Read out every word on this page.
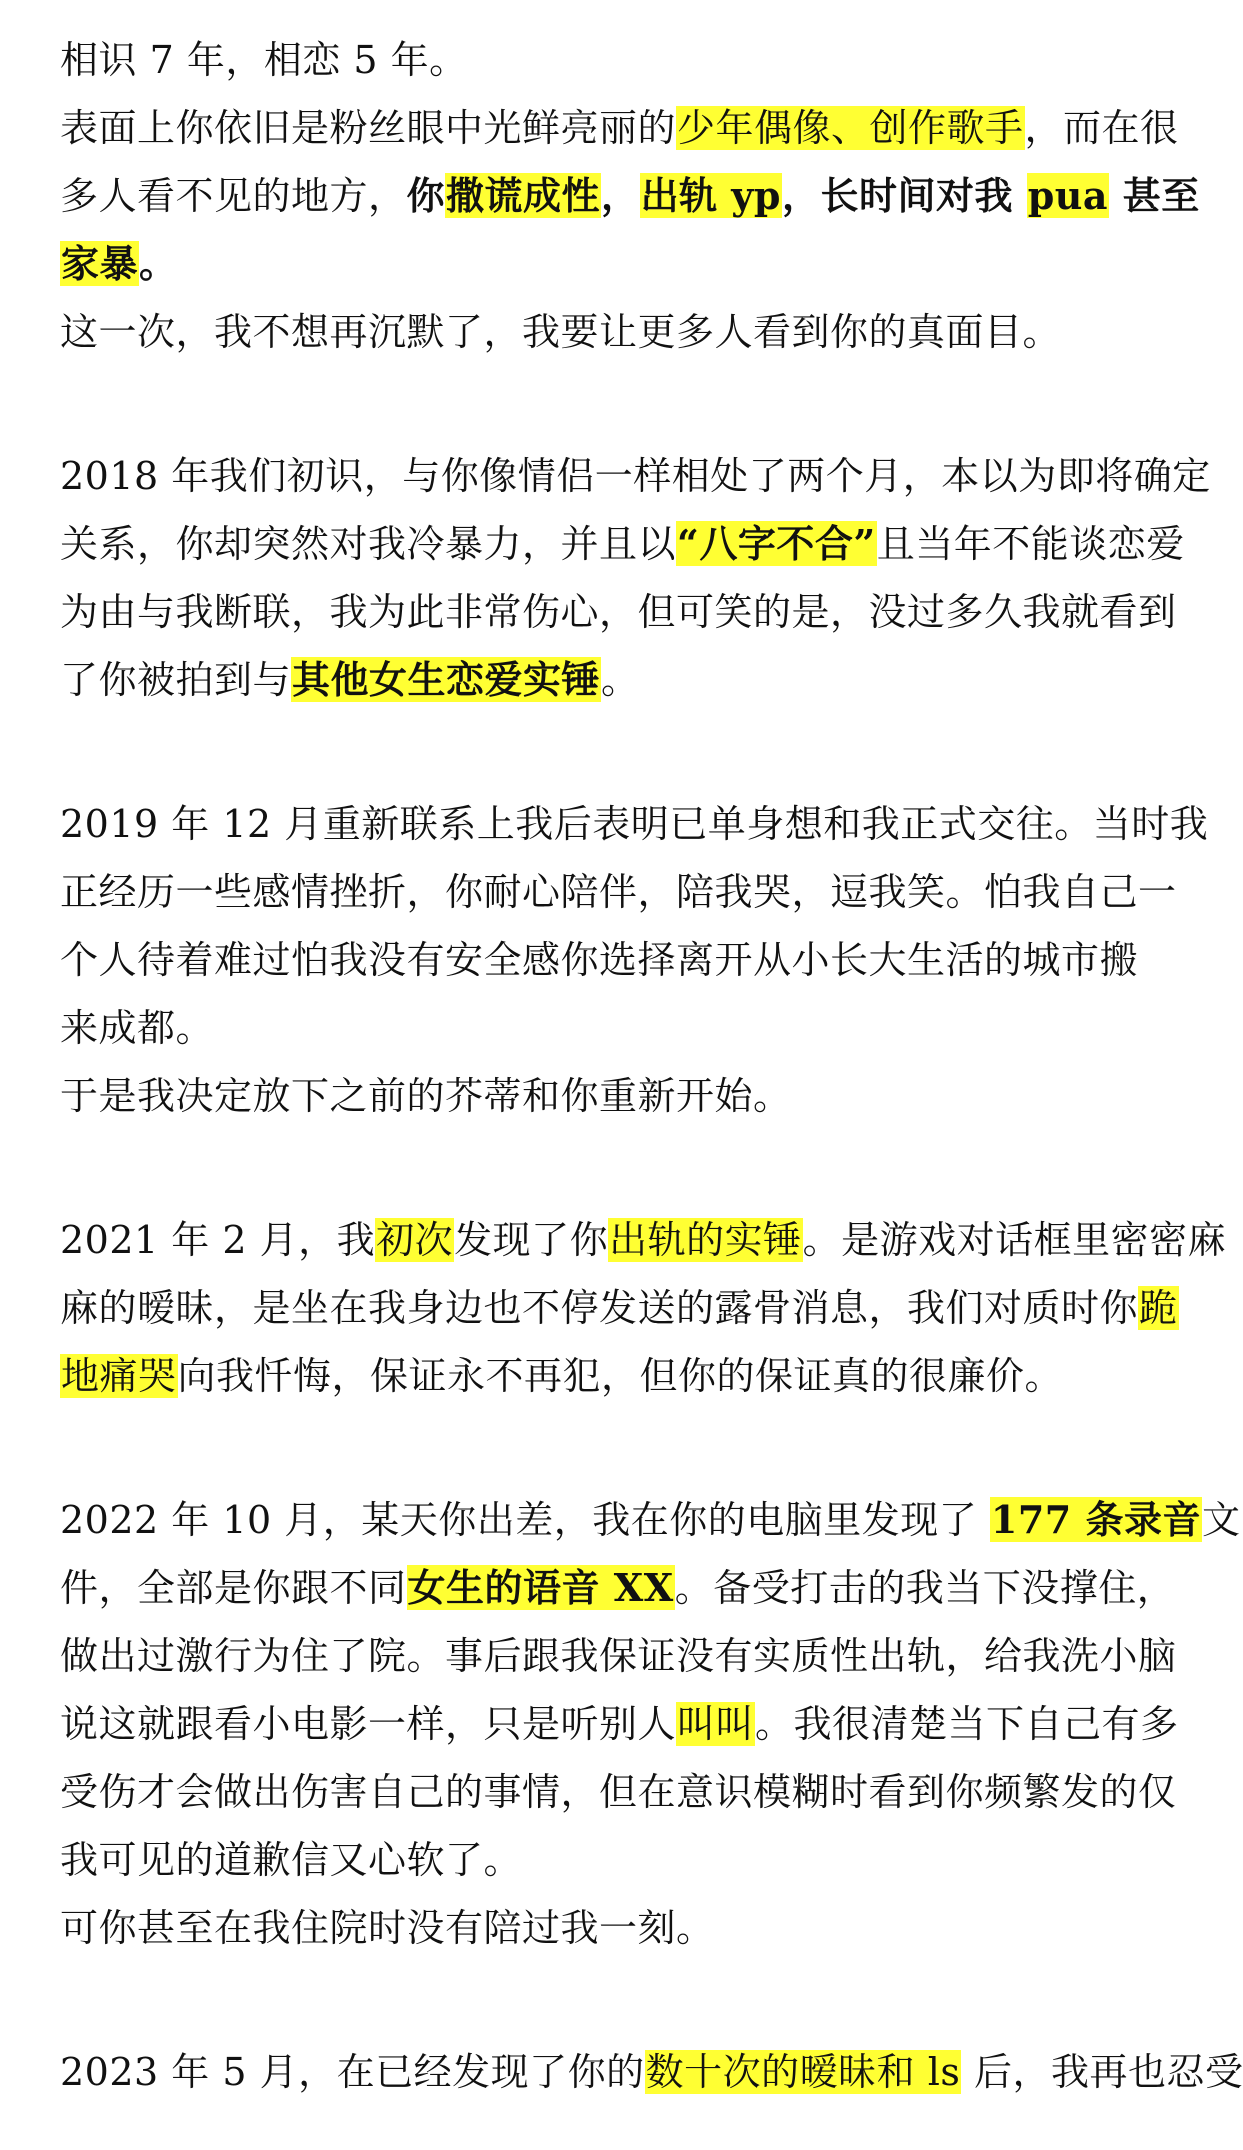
相识 7 年，相恋 5 年。
表面上你依旧是粉丝眼中光鲜亮丽的少年偶像、创作歌手，而在很
多人看不见的地方，你撒谎成性，出轨 yp，长时间对我 pua 甚至
家暴。
这一次，我不想再沉默了，我要让更多人看到你的真面目。
2018 年我们初识，与你像情侣一样相处了两个月，本以为即将确定
关系，你却突然对我冷暴力，并且以“八字不合”且当年不能谈恋爱
为由与我断联，我为此非常伤心，但可笑的是，没过多久我就看到
了你被拍到与其他女生恋爱实锤。
2019 年 12 月重新联系上我后表明已单身想和我正式交往。当时我
正经历一些感情挫折，你耐心陪伴，陪我哭，逗我笑。怕我自己一
个人待着难过怕我没有安全感你选择离开从小长大生活的城市搬
来成都。
于是我决定放下之前的芥蒂和你重新开始。
2021 年 2 月，我初次发现了你出轨的实锤。是游戏对话框里密密麻
麻的暧昧，是坐在我身边也不停发送的露骨消息，我们对质时你跪
地痛哭向我忏悔，保证永不再犯，但你的保证真的很廉价。
2022 年 10 月，某天你出差，我在你的电脑里发现了 177 条录音文
件，全部是你跟不同女生的语音 XX。备受打击的我当下没撑住，
做出过激行为住了院。事后跟我保证没有实质性出轨，给我洗小脑
说这就跟看小电影一样，只是听别人叫叫。我很清楚当下自己有多
受伤才会做出伤害自己的事情，但在意识模糊时看到你频繁发的仅
我可见的道歉信又心软了。
可你甚至在我住院时没有陪过我一刻。
2023 年 5 月，在已经发现了你的数十次的暧昧和 ls 后，我再也忍受
